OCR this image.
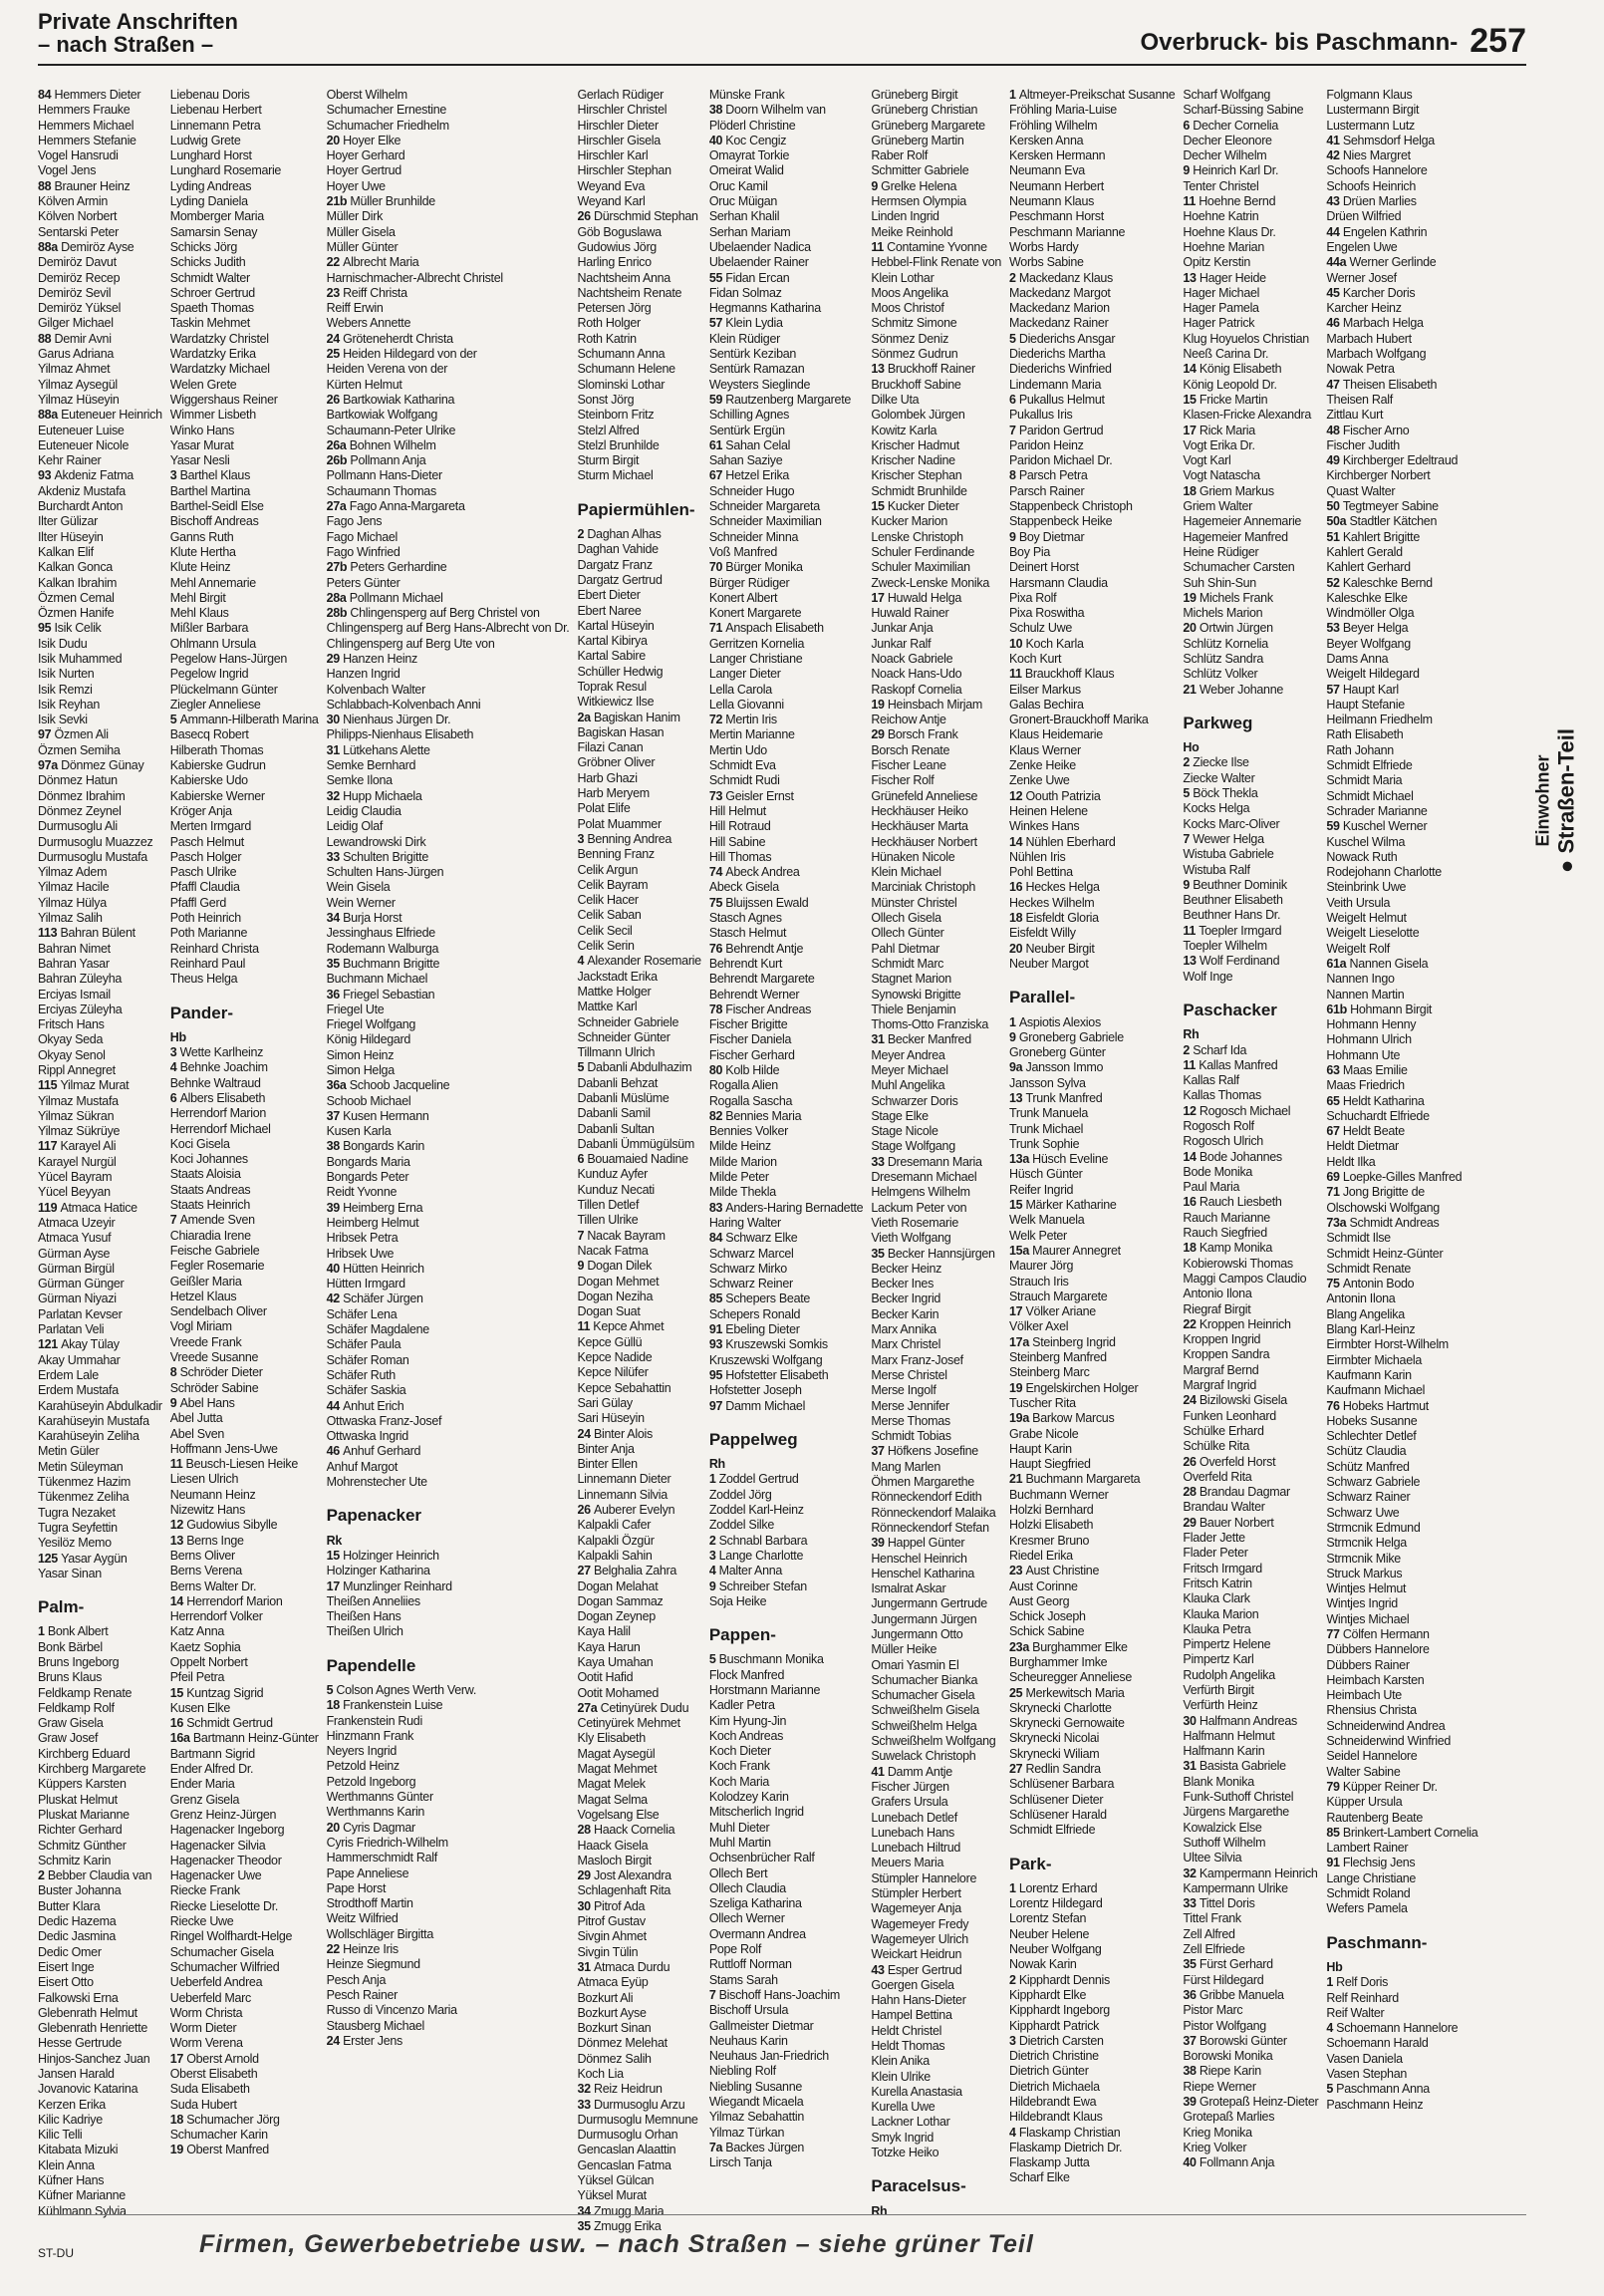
Private Anschriften
– nach Straßen –	Overbruck- bis Paschmann- 257
84 Hemmers Dieter
Hemmers Frauke
Hemmers Michael
Hemmers Stefanie
Vogel Hansrudi
Vogel Jens
88 Brauner Heinz
Kölven Armin
Kölven Norbert
Sentarski Peter
88a Demiröz Ayse
Demiröz Davut
Demiröz Recep
Demiröz Sevil
Demiröz Yüksel
Gilger Michael
88 Demir Avni
Garus Adriana
Yilmaz Ahmet
Yilmaz Aysegül
Yilmaz Hüseyin
88a Euteneuer Heinrich
Euteneuer Luise
Euteneuer Nicole
Kehr Rainer
93 Akdeniz Fatma
Akdeniz Mustafa
Burchardt Anton
Ilter Gülizar
Ilter Hüseyin
Kalkan Elif
Kalkan Gonca
Kalkan Ibrahim
Özmen Cemal
Özmen Hanife
95 Isik Celik
Isik Dudu
Isik Muhammed
Isik Nurten
Isik Remzi
Isik Reyhan
Isik Sevki
97 Özmen Ali
Özmen Semiha
97a Dönmez Günay
Dönmez Hatun
Dönmez Ibrahim
Dönmez Zeynel
Durmusoglu Ali
Durmusoglu Muazzez
Durmusoglu Mustafa
Yilmaz Adem
Yilmaz Hacile
Yilmaz Hülya
Yilmaz Salih
113 Bahran Bülent
Bahran Nimet
Bahran Yasar
Bahran Züleyha
Erciyas Ismail
Erciyas Züleyha
Fritsch Hans
Okyay Seda
Okyay Senol
Rippl Annegret
115 Yilmaz Murat
Yilmaz Mustafa
Yilmaz Sükran
Yilmaz Sükrüye
117 Karayel Ali
Karayel Nurgül
Yücel Bayram
Yücel Beyyan
119 Atmaca Hatice
Atmaca Uzeyir
Atmaca Yusuf
Gürman Ayse
Gürman Birgül
Gürman Günger
Gürman Niyazi
Parlatan Kevser
Parlatan Veli
121 Akay Tülay
Akay Ummahar
Erdem Lale
Erdem Mustafa
Karahüseyin Abdulkadir
Karahüseyin Mustafa
Karahüseyin Zeliha
Metin Güler
Metin Süleyman
Tükenmez Hazim
Tükenmez Zeliha
Tugra Nezaket
Tugra Seyfettin
Yesilöz Memo
125 Yasar Aygün
Yasar Sinan
Palm-
1 Bonk Albert
Bonk Bärbel
Bruns Ingeborg
Bruns Klaus
Feldkamp Renate
Feldkamp Rolf
Graw Gisela
Graw Josef
Kirchberg Eduard
Kirchberg Margarete
Küppers Karsten
Pluskat Helmut
Pluskat Marianne
Richter Gerhard
Schmitz Günther
Schmitz Karin
2 Bebber Claudia van
Buster Johanna
Butter Klara
Dedic Hazema
Dedic Jasmina
Dedic Omer
Eisert Inge
Eisert Otto
Falkowski Erna
Glebenrath Helmut
Glebenrath Henriette
Hesse Gertrude
Hinjos-Sanchez Juan
Jansen Harald
Jovanovic Katarina
Kerzen Erika
Kilic Kadriye
Kilic Telli
Kitabata Mizuki
Klein Anna
Küfner Hans
Küfner Marianne
Kühlmann Sylvia
Liebenau Doris
Liebenau Herbert
Linnemann Petra
Ludwig Grete
Lunghard Horst
Lunghard Rosemarie
Lyding Andreas
Lyding Daniela
Momberger Maria
Samarsin Senay
Schicks Jörg
Schicks Judith
Schmidt Walter
Schroer Gertrud
Spaeth Thomas
Taskin Mehmet
Wardatzky Christel
Wardatzky Erika
Wardatzky Michael
Welen Grete
Wiggershaus Reiner
Wimmer Lisbeth
Winko Hans
Yasar Murat
Yasar Nesli
3 Barthel Klaus
Barthel Martina
Barthel-Seidl Else
Bischoff Andreas
Ganns Ruth
Klute Hertha
Klute Heinz
Mehl Annemarie
Mehl Birgit
Mehl Klaus
Mißler Barbara
Ohlmann Ursula
Pegelow Hans-Jürgen
Pegelow Ingrid
Plückelmann Günter
Ziegler Anneliese
5 Ammann-Hilberath Marina
Basecq Robert
Hilberath Thomas
Kabierske Gudrun
Kabierske Udo
Kabierske Werner
Kröger Anja
Merten Irmgard
Pasch Helmut
Pasch Holger
Pasch Ulrike
Pfaffl Claudia
Pfaffl Gerd
Poth Heinrich
Poth Marianne
Reinhard Christa
Reinhard Paul
Theus Helga
Pander-
Hb
3 Wette Karlheinz
4 Behnke Joachim
Behnke Waltraud
6 Albers Elisabeth
Herrendorf Marion
Herrendorf Michael
Koci Gisela
Koci Johannes
Staats Aloisia
Staats Andreas
Staats Heinrich
7 Amende Sven
Chiaradia Irene
Feische Gabriele
Fegler Rosemarie
Geißler Maria
Hetzel Klaus
Sendelbach Oliver
Vogl Miriam
Vreede Frank
Vreede Susanne
8 Schröder Dieter
Schröder Sabine
9 Abel Hans
Abel Jutta
Abel Sven
Hoffmann Jens-Uwe
11 Beusch-Liesen Heike
Liesen Ulrich
Neumann Heinz
Nizewitz Hans
12 Gudowius Sibylle
13 Berns Inge
Berns Oliver
Berns Verena
Berns Walter Dr.
14 Herrendorf Marion
Herrendorf Volker
Katz Anna
Kaetz Sophia
Oppelt Norbert
Pfeil Petra
15 Kuntzag Sigrid
Kusen Elke
16 Schmidt Gertrud
16a Bartmann Heinz-Günter
Bartmann Sigrid
Ender Alfred Dr.
Ender Maria
Grenz Gisela
Grenz Heinz-Jürgen
Hagenacker Ingeborg
Hagenacker Silvia
Hagenacker Theodor
Hagenacker Uwe
Riecke Frank
Riecke Lieselotte Dr.
Riecke Uwe
Ringel Wolfhardt-Helge
Schumacher Gisela
Schumacher Wilfried
Ueberfeld Andrea
Ueberfeld Marc
Worm Christa
Worm Dieter
Worm Verena
17 Oberst Arnold
Oberst Elisabeth
Suda Elisabeth
Suda Hubert
18 Schumacher Jörg
Schumacher Karin
19 Oberst Manfred
Oberst Wilhelm
Schumacher Ernestine
Schumacher Friedhelm
20 Hoyer Elke
Hoyer Gerhard
Hoyer Gertrud
Hoyer Uwe
21b Müller Brunhilde
Müller Dirk
Müller Gisela
Müller Günter
22 Albrecht Maria
Harnischmacher-Albrecht Christel
23 Reiff Christa
Reiff Erwin
Webers Annette
24 Gröteneherdt Christa
25 Heiden Hildegard von der
Heiden Verena von der
Kürten Helmut
26 Bartkowiak Katharina
Bartkowiak Wolfgang
Schaumann-Peter Ulrike
26a Bohnen Wilhelm
26b Pollmann Anja
Pollmann Hans-Dieter
Schaumann Thomas
27a Fago Anna-Margareta
Fago Jens
Fago Michael
Fago Winfried
27b Peters Gerhardine
Peters Günter
28a Pollmann Michael
28b Chlingensperg auf Berg Christel von
Chlingensperg auf Berg Hans-Albrecht von Dr.
Chlingensperg auf Berg Ute von
29 Hanzen Heinz
Hanzen Ingrid
Kolvenbach Walter
Schlabbach-Kolvenbach Anni
30 Nienhaus Jürgen Dr.
Philipps-Nienhaus Elisabeth
31 Lütkehans Alette
Semke Bernhard
Semke Ilona
32 Hupp Michaela
Leidig Claudia
Leidig Olaf
Lewandrowski Dirk
33 Schulten Brigitte
Schulten Hans-Jürgen
Wein Gisela
Wein Werner
34 Burja Horst
Jessinghaus Elfriede
Rodemann Walburga
35 Buchmann Brigitte
Buchmann Michael
36 Friegel Sebastian
Friegel Ute
Friegel Wolfgang
König Hildegard
Simon Heinz
Simon Helga
36a Schoob Jacqueline
Schoob Michael
37 Kusen Hermann
Kusen Karla
38 Bongards Karin
Bongards Maria
Bongards Peter
Reidt Yvonne
39 Heimberg Erna
Heimberg Helmut
Hribsek Petra
Hribsek Uwe
40 Hütten Heinrich
Hütten Irmgard
42 Schäfer Jürgen
Schäfer Lena
Schäfer Magdalene
Schäfer Paula
Schäfer Roman
Schäfer Ruth
Schäfer Saskia
44 Anhut Erich
Ottwaska Franz-Josef
Ottwaska Ingrid
46 Anhuf Gerhard
Anhuf Margot
Mohrenstecher Ute
Papenacker
Rk
15 Holzinger Heinrich
Holzinger Katharina
17 Munzlinger Reinhard
Theißen Anneliies
Theißen Hans
Theißen Ulrich
Papendelle
5 Colson Agnes Werth Verw.
18 Frankenstein Luise
Frankenstein Rudi
Hinzmann Frank
Neyers Ingrid
Petzold Heinz
Petzold Ingeborg
Werthmanns Günter
Werthmanns Karin
20 Cyris Dagmar
Cyris Friedrich-Wilhelm
Hammerschmidt Ralf
Pape Anneliese
Pape Horst
Strodthoff Martin
Weitz Wilfried
Wollschläger Birgitta
22 Heinze Iris
Heinze Siegmund
Pesch Anja
Pesch Rainer
Russo di Vincenzo Maria
Stausberg Michael
24 Erster Jens
Gerlach Rüdiger
Hirschler Christel
Hirschler Dieter
Hirschler Gisela
Hirschler Karl
Hirschler Stephan
Weyand Eva
Weyand Karl
26 Dürschmid Stephan
Göb Boguslawa
Gudowius Jörg
Harling Enrico
Nachtsheim Anna
Nachtsheim Renate
Petersen Jörg
Roth Holger
Roth Katrin
Schumann Anna
Schumann Helene
Slominski Lothar
Sonst Jörg
Steinborn Fritz
Stelzl Alfred
Stelzl Brunhilde
Sturm Birgit
Sturm Michael
Papiermühlen-
2 Daghan Alhas
Daghan Vahide
Dargatz Franz
Dargatz Gertrud
Ebert Dieter
Ebert Naree
Kartal Hüseyin
Kartal Kibirya
Kartal Sabire
Schüller Hedwig
Toprak Resul
Witkiewicz Ilse
2a Bagiskan Hanim
Bagiskan Hasan
Filazi Canan
Gröbner Oliver
Harb Ghazi
Harb Meryem
Polat Elife
Polat Muammer
3 Benning Andrea
Benning Franz
Celik Argun
Celik Bayram
Celik Hacer
Celik Saban
Celik Secil
Celik Serin
4 Alexander Rosemarie
Jackstadt Erika
Mattke Holger
Mattke Karl
Schneider Gabriele
Schneider Günter
Tillmann Ulrich
5 Dabanli Abdulhazim
Dabanli Behzat
Dabanli Müslüme
Dabanli Samil
Dabanli Sultan
Dabanli Ümmügülsüm
6 Bouamaied Nadine
Kunduz Ayfer
Kunduz Necati
Tillen Detlef
Tillen Ulrike
7 Nacak Bayram
Nacak Fatma
9 Dogan Dilek
Dogan Mehmet
Dogan Neziha
Dogan Suat
11 Kepce Ahmet
Kepce Güllü
Kepce Nadide
Kepce Nilüfer
Kepce Sebahattin
Sari Gülay
Sari Hüseyin
24 Binter Alois
Binter Anja
Binter Ellen
Linnemann Dieter
Linnemann Silvia
26 Auberer Evelyn
Kalpakli Cafer
Kalpakli Özgür
Kalpakli Sahin
27 Belghalia Zahra
Dogan Melahat
Dogan Sammaz
Dogan Zeynep
Kaya Halil
Kaya Harun
Kaya Umahan
Ootit Hafid
Ootit Mohamed
27a Cetinyürek Dudu
Cetinyürek Mehmet
Kly Elisabeth
Magat Aysegül
Magat Mehmet
Magat Melek
Magat Selma
Vogelsang Else
28 Haack Cornelia
Haack Gisela
Masloch Birgit
29 Jost Alexandra
Schlagenhaft Rita
30 Pitrof Ada
Pitrof Gustav
Sivgin Ahmet
Sivgin Tülin
31 Atmaca Durdu
Atmaca Eyüp
Bozkurt Ali
Bozkurt Ayse
Bozkurt Sinan
Dönmez Melehat
Dönmez Salih
Koch Lia
32 Reiz Heidrun
33 Durmusoglu Arzu
Durmusoglu Memnune
Durmusoglu Orhan
Gencaslan Alaattin
Gencaslan Fatma
Yüksel Gülcan
Yüksel Murat
34 Zmugg Maria
35 Zmugg Erika
Münske Frank
38 Doorn Wilhelm van
Plöderl Christine
40 Koc Cengiz
Omayrat Torkie
Omeirat Walid
Oruc Kamil
Oruc Müigan
Serhan Khalil
Serhan Mariam
Ubelaender Nadica
Ubelaender Rainer
55 Fidan Ercan
Fidan Solmaz
Hegmanns Katharina
57 Klein Lydia
Klein Rüdiger
Sentürk Keziban
Sentürk Ramazan
Weysters Sieglinde
59 Rautzenberg Margarete
Schilling Agnes
Sentürk Ergün
61 Sahan Celal
Sahan Saziye
67 Hetzel Erika
Schneider Hugo
Schneider Margareta
Schneider Maximilian
Schneider Minna
Voß Manfred
70 Bürger Monika
Bürger Rüdiger
Konert Albert
Konert Margarete
71 Anspach Elisabeth
Gerritzen Kornelia
Langer Christiane
Langer Dieter
Lella Carola
Lella Giovanni
72 Mertin Iris
Mertin Marianne
Mertin Udo
Schmidt Eva
Schmidt Rudi
73 Geisler Ernst
Hill Helmut
Hill Rotraud
Hill Sabine
Hill Thomas
74 Abeck Andrea
Abeck Gisela
75 Bluijssen Ewald
Stasch Agnes
Stasch Helmut
76 Behrendt Antje
Behrendt Kurt
Behrendt Margarete
Behrendt Werner
78 Fischer Andreas
Fischer Brigitte
Fischer Daniela
Fischer Gerhard
80 Kolb Hilde
Rogalla Alien
Rogalla Sascha
82 Bennies Maria
Bennies Volker
Milde Heinz
Milde Marion
Milde Peter
Milde Thekla
83 Anders-Haring Bernadette
Haring Walter
84 Schwarz Elke
Schwarz Marcel
Schwarz Mirko
Schwarz Reiner
85 Schepers Beate
Schepers Ronald
91 Ebeling Dieter
93 Kruszewski Somkis
Kruszewski Wolfgang
95 Hofstetter Elisabeth
Hofstetter Joseph
97 Damm Michael
Pappelweg
Rh
1 Zoddel Gertrud
Zoddel Jörg
Zoddel Karl-Heinz
Zoddel Silke
2 Schnabl Barbara
3 Lange Charlotte
4 Malter Anna
9 Schreiber Stefan
Soja Heike
Pappen-
5 Buschmann Monika
Flock Manfred
Horstmann Marianne
Kadler Petra
Kim Hyung-Jin
Koch Andreas
Koch Dieter
Koch Frank
Koch Maria
Kolodzey Karin
Mitscherlich Ingrid
Muhl Dieter
Muhl Martin
Ochsenbrücher Ralf
Ollech Bert
Ollech Claudia
Szeliga Katharina
Ollech Werner
Overmann Andrea
Pope Rolf
Ruttloff Norman
Stams Sarah
7 Bischoff Hans-Joachim
Bischoff Ursula
Gallmeister Dietmar
Neuhaus Karin
Neuhaus Jan-Friedrich
Niebling Rolf
Niebling Susanne
Wiegandt Micaela
Yilmaz Sebahattin
Yilmaz Türkan
7a Backes Jürgen
Lirsch Tanja
Grüneberg Birgit
Grüneberg Christian
Grüneberg Margarete
Grüneberg Martin
Raber Rolf
Schmitter Gabriele
9 Grelke Helena
Hermsen Olympia
Linden Ingrid
Meike Reinhold
11 Contamine Yvonne
Hebbel-Flink Renate von
Klein Lothar
Moos Angelika
Moos Christof
Schmitz Simone
Sönmez Deniz
Sönmez Gudrun
13 Bruckhoff Rainer
Bruckhoff Sabine
Dilke Uta
Golombek Jürgen
Kowitz Karla
Krischer Hadmut
Krischer Nadine
Krischer Stephan
Schmidt Brunhilde
15 Kucker Dieter
Kucker Marion
Lenske Christoph
Schuler Ferdinande
Schuler Maximilian
Zweck-Lenske Monika
17 Huwald Helga
Huwald Rainer
Junkar Anja
Junkar Ralf
Noack Gabriele
Noack Hans-Udo
Raskopf Cornelia
19 Heinsbach Mirjam
Reichow Antje
29 Borsch Frank
Borsch Renate
Fischer Leane
Fischer Rolf
Grünefeld Anneliese
Heckhäuser Heiko
Heckhäuser Marta
Heckhäuser Norbert
Hünaken Nicole
Klein Michael
Marciniak Christoph
Münster Christel
Ollech Gisela
Ollech Günter
Pahl Dietmar
Schmidt Marc
Stagnet Marion
Synowski Brigitte
Thiele Benjamin
Thoms-Otto Franziska
31 Becker Manfred
Meyer Andrea
Meyer Michael
Muhl Angelika
Schwarzer Doris
Stage Elke
Stage Nicole
Stage Wolfgang
33 Dresemann Maria
Dresemann Michael
Helmgens Wilhelm
Lackum Peter von
Vieth Rosemarie
Vieth Wolfgang
35 Becker Hannsjürgen
Becker Heinz
Becker Ines
Becker Ingrid
Becker Karin
Marx Annika
Marx Christel
Marx Franz-Josef
Merse Christel
Merse Ingolf
Merse Jennifer
Merse Thomas
Schmidt Tobias
37 Höfkens Josefine
Mang Marlen
Öhmen Margarethe
Rönneckendorf Edith
Rönneckendorf Malaika
Rönneckendorf Stefan
39 Happel Günter
Henschel Heinrich
Henschel Katharina
Ismalrat Askar
Jungermann Gertrude
Jungermann Jürgen
Jungermann Otto
Müller Heike
Omari Yasmin El
Schumacher Bianka
Schumacher Gisela
Schweißhelm Gisela
Schweißhelm Helga
Schweißhelm Wolfgang
Suwelack Christoph
41 Damm Antje
Fischer Jürgen
Grafers Ursula
Lunebach Detlef
Lunebach Hans
Lunebach Hiltrud
Meuers Maria
Stümpler Hannelore
Stümpler Herbert
Wagemeyer Anja
Wagemeyer Fredy
Wagemeyer Ulrich
Weickart Heidrun
43 Esper Gertrud
Goergen Gisela
Hahn Hans-Dieter
Hampel Bettina
Heldt Christel
Heldt Thomas
Klein Anika
Klein Ulrike
Kurella Anastasia
Kurella Uwe
Lackner Lothar
Smyk Ingrid
Totzke Heiko
Paracelsus-
Rh
1 Altmeyer-Preikschat Susanne
Fröhling Maria-Luise
Fröhling Wilhelm
Kersken Anna
Kersken Hermann
Neumann Eva
Neumann Herbert
Neumann Klaus
Peschmann Horst
Peschmann Marianne
Worbs Hardy
Worbs Sabine
2 Mackedanz Klaus
Mackedanz Margot
Mackedanz Marion
Mackedanz Rainer
5 Diederichs Ansgar
Diederichs Martha
Diederichs Winfried
Lindemann Maria
6 Pukallus Helmut
Pukallus Iris
7 Paridon Gertrud
Paridon Heinz
Paridon Michael Dr.
8 Parsch Petra
Parsch Rainer
Stappenbeck Christoph
Stappenbeck Heike
9 Boy Dietmar
Boy Pia
Deinert Horst
Harsmann Claudia
Pixa Rolf
Pixa Roswitha
Schulz Uwe
10 Koch Karla
Koch Kurt
11 Brauckhoff Klaus
Eilser Markus
Galas Bechira
Gronert-Brauckhoff Marika
Klaus Heidemarie
Klaus Werner
Zenke Heike
Zenke Uwe
12 Oouth Patrizia
Heinen Helene
Winkes Hans
14 Nühlen Eberhard
Nühlen Iris
Pohl Bettina
16 Heckes Helga
Heckes Wilhelm
18 Eisfeldt Gloria
Eisfeldt Willy
20 Neuber Birgit
Neuber Margot
Parallel-
1 Aspiotis Alexios
9 Groneberg Gabriele
Groneberg Günter
9a Jansson Immo
Jansson Sylva
13 Trunk Manfred
Trunk Manuela
Trunk Michael
Trunk Sophie
13a Hüsch Eveline
Hüsch Günter
Reifer Ingrid
15 Märker Katharine
Welk Manuela
Welk Peter
15a Maurer Annegret
Maurer Jörg
Strauch Iris
Strauch Margarete
17 Völker Ariane
Völker Axel
17a Steinberg Ingrid
Steinberg Manfred
Steinberg Marc
19 Engelskirchen Holger
Tuscher Rita
19a Barkow Marcus
Grabe Nicole
Haupt Karin
Haupt Siegfried
21 Buchmann Margareta
Buchmann Werner
Holzki Bernhard
Holzki Elisabeth
Kresmer Bruno
Riedel Erika
23 Aust Christine
Aust Corinne
Aust Georg
Schick Joseph
Schick Sabine
23a Burghammer Elke
Burghammer Imke
Scheuregger Anneliese
25 Merkewitsch Maria
Skrynecki Charlotte
Skrynecki Gernowaite
Skrynecki Nicolai
Skrynecki Wiliam
27 Redlin Sandra
Schlüsener Barbara
Schlüsener Dieter
Schlüsener Harald
Schmidt Elfriede
Park-
1 Lorentz Erhard
Lorentz Hildegard
Lorentz Stefan
Neuber Helene
Neuber Wolfgang
Nowak Karin
2 Kipphardt Dennis
Kipphardt Elke
Kipphardt Ingeborg
Kipphardt Patrick
3 Dietrich Carsten
Dietrich Christine
Dietrich Günter
Dietrich Michaela
Hildebrandt Ewa
Hildebrandt Klaus
4 Flaskamp Christian
Flaskamp Dietrich Dr.
Flaskamp Jutta
Scharf Elke
Scharf Wolfgang
Scharf-Büssing Sabine
6 Decher Cornelia
Decher Eleonore
Decher Wilhelm
9 Heinrich Karl Dr.
Tenter Christel
11 Hoehne Bernd
Hoehne Katrin
Hoehne Klaus Dr.
Hoehne Marian
Opitz Kerstin
13 Hager Heide
Hager Michael
Hager Pamela
Hager Patrick
Klug Hoyuelos Christian
Neeß Carina Dr.
14 König Elisabeth
König Leopold Dr.
15 Fricke Martin
Klasen-Fricke Alexandra
17 Rick Maria
Vogt Erika Dr.
Vogt Karl
Vogt Natascha
18 Griem Markus
Griem Walter
Hagemeier Annemarie
Hagemeier Manfred
Heine Rüdiger
Schumacher Carsten
Suh Shin-Sun
19 Michels Frank
Michels Marion
20 Ortwin Jürgen
Schlütz Kornelia
Schlütz Sandra
Schlütz Volker
21 Weber Johanne
Parkweg
Ho
2 Ziecke Ilse
Ziecke Walter
5 Böck Thekla
Kocks Helga
Kocks Marc-Oliver
7 Wewer Helga
Wistuba Gabriele
Wistuba Ralf
9 Beuthner Dominik
Beuthner Elisabeth
Beuthner Hans Dr.
11 Toepler Irmgard
Toepler Wilhelm
13 Wolf Ferdinand
Wolf Inge
Paschacker
Rh
2 Scharf Ida
11 Kallas Manfred
Kallas Ralf
Kallas Thomas
12 Rogosch Michael
Rogosch Rolf
Rogosch Ulrich
14 Bode Johannes
Bode Monika
Paul Maria
16 Rauch Liesbeth
Rauch Marianne
Rauch Siegfried
18 Kamp Monika
Kobierowski Thomas
Maggi Campos Claudio
Antonio Ilona
Riegraf Birgit
22 Kroppen Heinrich
Kroppen Ingrid
Kroppen Sandra
Margraf Bernd
Margraf Ingrid
24 Bizilowski Gisela
Funken Leonhard
Schülke Erhard
Schülke Rita
26 Overfeld Horst
Overfeld Rita
28 Brandau Dagmar
Brandau Walter
29 Bauer Norbert
Flader Jette
Flader Peter
Fritsch Irmgard
Fritsch Katrin
Klauka Clark
Klauka Marion
Klauka Petra
Pimpertz Helene
Pimpertz Karl
Rudolph Angelika
Verfürth Birgit
Verfürth Heinz
30 Halfmann Andreas
Halfmann Helmut
Halfmann Karin
31 Basista Gabriele
Blank Monika
Funk-Suthoff Christel
Jürgens Margarethe
Kowalzick Else
Suthoff Wilhelm
Ultee Silvia
32 Kampermann Heinrich
Kampermann Ulrike
33 Tittel Doris
Tittel Frank
Zell Alfred
Zell Elfriede
35 Fürst Gerhard
Fürst Hildegard
36 Gribbe Manuela
Pistor Marc
Pistor Wolfgang
37 Borowski Günter
Borowski Monika
38 Riepe Karin
Riepe Werner
39 Grotepaß Heinz-Dieter
Grotepaß Marlies
Krieg Monika
Krieg Volker
40 Follmann Anja
Folgmann Klaus
Lustermann Birgit
Lustermann Lutz
41 Sehmsdorf Helga
42 Nies Margret
Schoofs Hannelore
Schoofs Heinrich
43 Drüen Marlies
Drüen Wilfried
44 Engelen Kathrin
Engelen Uwe
44a Werner Gerlinde
Werner Josef
45 Karcher Doris
Karcher Heinz
46 Marbach Helga
Marbach Hubert
Marbach Wolfgang
Nowak Petra
47 Theisen Elisabeth
Theisen Ralf
Zittlau Kurt
48 Fischer Arno
Fischer Judith
49 Kirchberger Edeltraud
Kirchberger Norbert
Quast Walter
50 Tegtmeyer Sabine
50a Stadtler Kätchen
51 Kahlert Brigitte
Kahlert Gerald
Kahlert Gerhard
52 Kaleschke Bernd
Kaleschke Elke
Windmöller Olga
53 Beyer Helga
Beyer Wolfgang
Dams Anna
Weigelt Hildegard
57 Haupt Karl
Haupt Stefanie
Heilmann Friedhelm
Rath Elisabeth
Rath Johann
Schmidt Elfriede
Schmidt Maria
Schmidt Michael
Schrader Marianne
59 Kuschel Werner
Kuschel Wilma
Nowack Ruth
Rodejohann Charlotte
Steinbrink Uwe
Veith Ursula
Weigelt Helmut
Weigelt Lieselotte
Weigelt Rolf
61a Nannen Gisela
Nannen Ingo
Nannen Martin
61b Hohmann Birgit
Hohmann Henny
Hohmann Ulrich
Hohmann Ute
63 Maas Emilie
Maas Friedrich
65 Heldt Katharina
Schuchardt Elfriede
67 Heldt Beate
Heldt Dietmar
Heldt Ilka
69 Loepke-Gilles Manfred
71 Jong Brigitte de
Olschowski Wolfgang
73a Schmidt Andreas
Schmidt Ilse
Schmidt Heinz-Günter
Schmidt Renate
75 Antonin Bodo
Antonin Ilona
Blang Angelika
Blang Karl-Heinz
Eirmbter Horst-Wilhelm
Eirmbter Michaela
Kaufmann Karin
Kaufmann Michael
76 Hobeks Hartmut
Hobeks Susanne
Schlechter Detlef
Schütz Claudia
Schütz Manfred
Schwarz Gabriele
Schwarz Rainer
Schwarz Uwe
Strmcnik Edmund
Strmcnik Helga
Strmcnik Mike
Struck Markus
Wintjes Helmut
Wintjes Ingrid
Wintjes Michael
77 Cölfen Hermann
Dübbers Hannelore
Dübbers Rainer
Heimbach Karsten
Heimbach Ute
Rhensius Christa
Schneiderwind Andrea
Schneiderwind Winfried
Seidel Hannelore
Walter Sabine
79 Küpper Reiner Dr.
Küpper Ursula
Rautenberg Beate
85 Brinkert-Lambert Cornelia
Lambert Rainer
91 Flechsig Jens
Lange Christiane
Schmidt Roland
Wefers Pamela
Paschmann-
Hb
1 Relf Doris
Relf Reinhard
Reif Walter
4 Schoemann Hannelore
Schoemann Harald
Vasen Daniela
Vasen Stephan
5 Paschmann Anna
Paschmann Heinz
Einwohner ● Straßen-Teil
ST-DU	Firmen, Gewerbebetriebe usw. – nach Straßen – siehe grüner Teil
